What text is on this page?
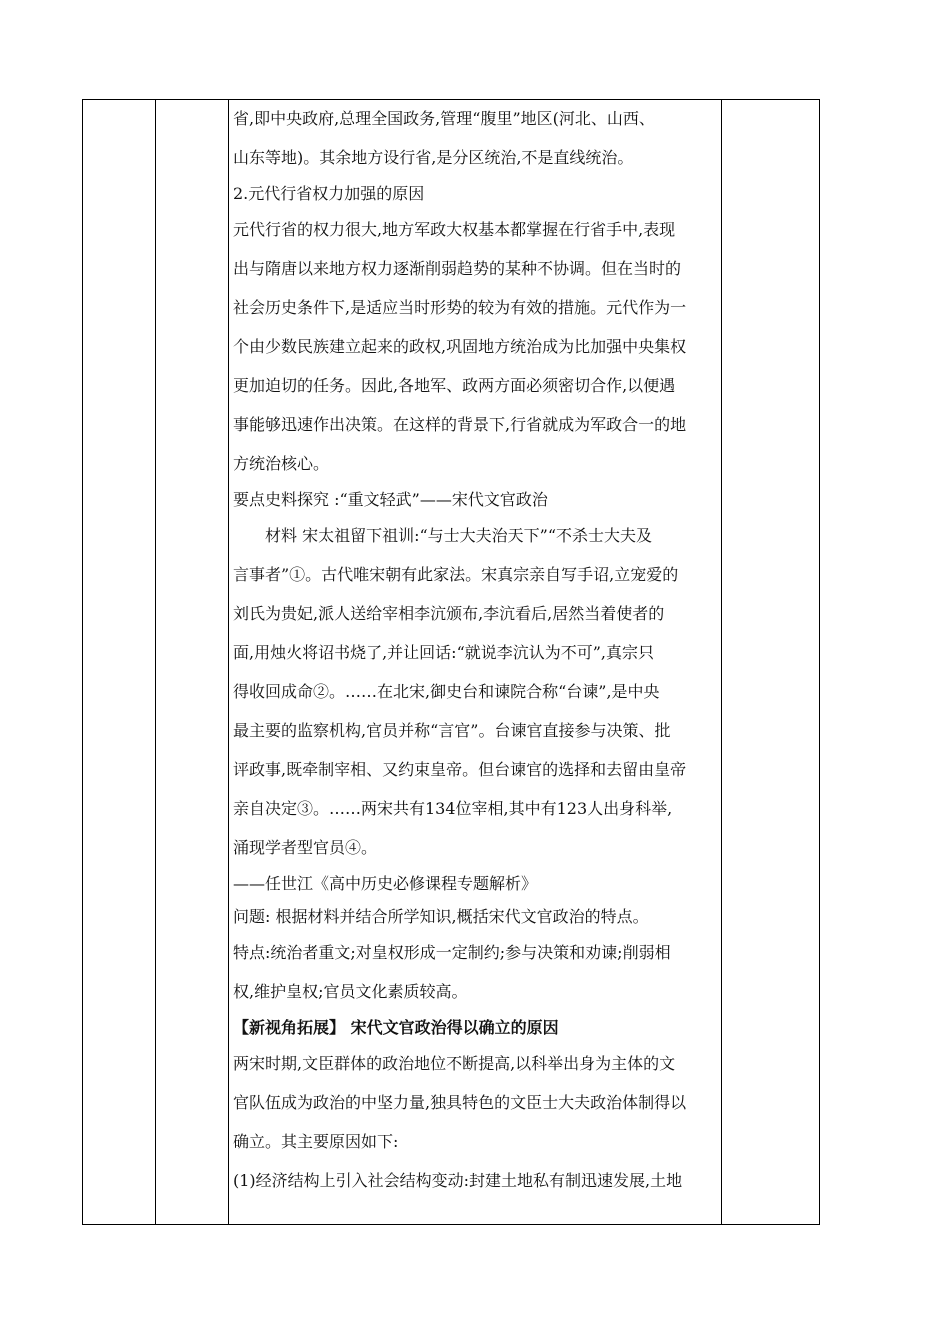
省,即中央政府,总理全国政务,管理“腹里”地区(河北、山西、
山东等地)。其余地方设行省,是分区统治,不是直线统治。
2.元代行省权力加强的原因
元代行省的权力很大,地方军政大权基本都掌握在行省手中,表现
出与隋唐以来地方权力逐渐削弱趋势的某种不协调。但在当时的
社会历史条件下,是适应当时形势的较为有效的措施。元代作为一
个由少数民族建立起来的政权,巩固地方统治成为比加强中央集权
更加迫切的任务。因此,各地军、政两方面必须密切合作,以便遇
事能够迅速作出决策。在这样的背景下,行省就成为军政合一的地
方统治核心。
要点史料探究 :“重文轻武”——宋代文官政治
材料 宋太祖留下祖训:“与士大夫治天下”“不杀士大夫及
言事者”①。古代唯宋朝有此家法。宋真宗亲自写手诏,立宠爱的
刘氏为贵妃,派人送给宰相李沆颁布,李沆看后,居然当着使者的
面,用烛火将诏书烧了,并让回话:“就说李沆认为不可”,真宗只
得收回成命②。……在北宋,御史台和谏院合称“台谏”,是中央
最主要的监察机构,官员并称“言官”。台谏官直接参与决策、批
评政事,既牵制宰相、又约束皇帝。但台谏官的选择和去留由皇帝
亲自决定③。……两宋共有134位宰相,其中有123人出身科举,
涌现学者型官员④。
——任世江《高中历史必修课程专题解析》
问题: 根据材料并结合所学知识,概括宋代文官政治的特点。
特点:统治者重文;对皇权形成一定制约;参与决策和劝谏;削弱相
权,维护皇权;官员文化素质较高。
【新视角拓展】 宋代文官政治得以确立的原因
两宋时期,文臣群体的政治地位不断提高,以科举出身为主体的文
官队伍成为政治的中坚力量,独具特色的文臣士大夫政治体制得以
确立。其主要原因如下:
(1)经济结构上引入社会结构变动:封建土地私有制迅速发展,土地
